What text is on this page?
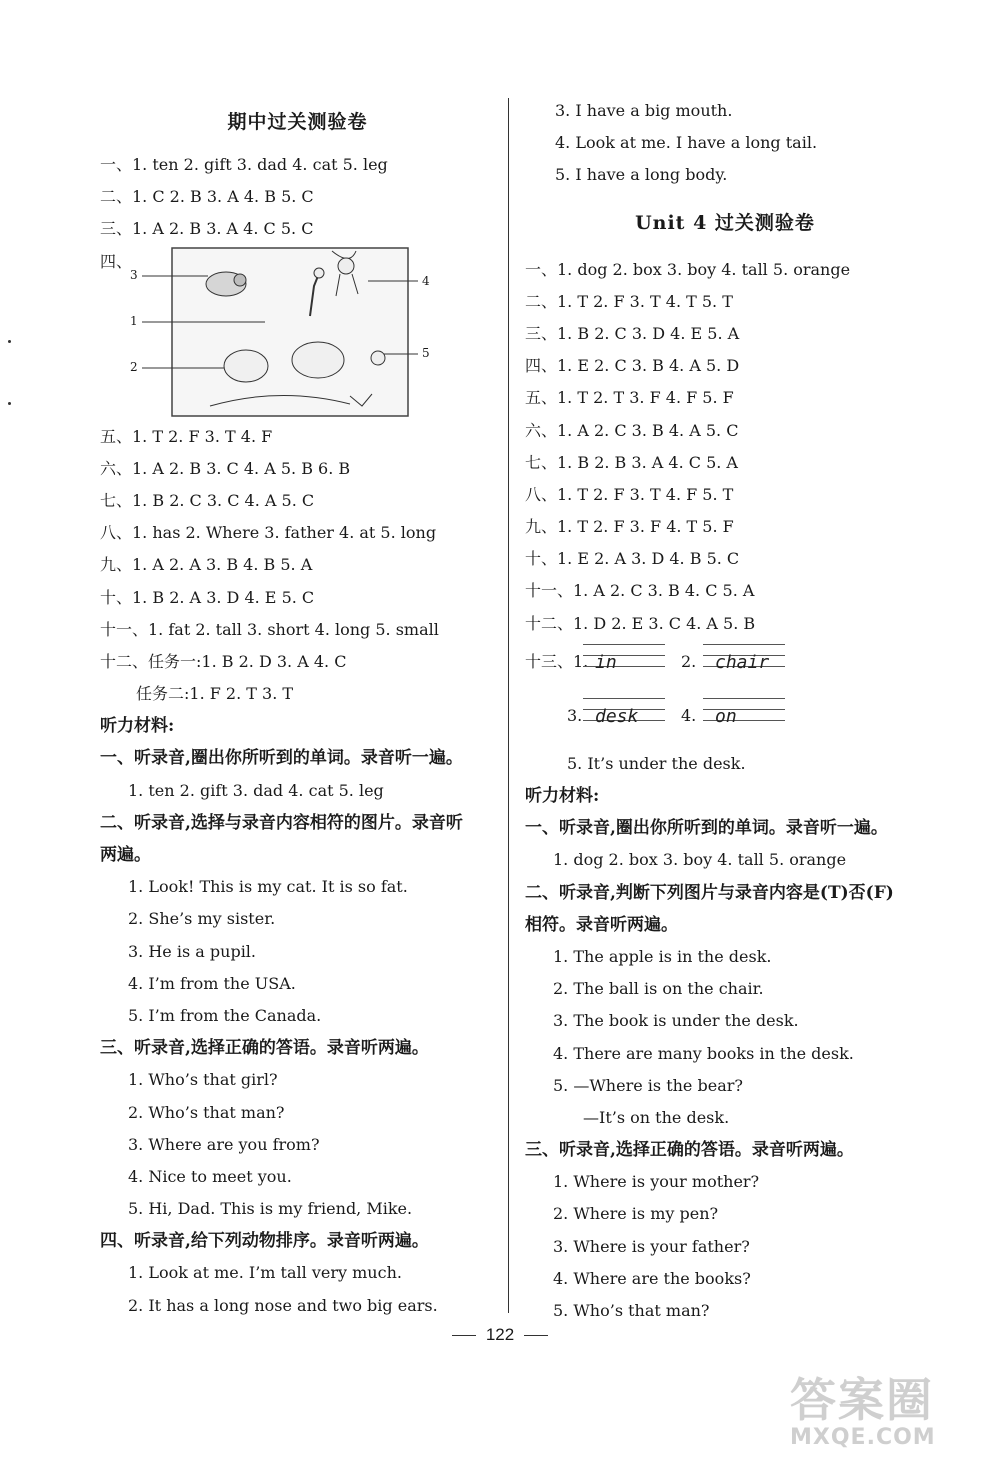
期中过关测验卷
一、1. ten 2. gift 3. dad 4. cat 5. leg
二、1. C 2. B 3. A 4. B 5. C
三、1. A 2. B 3. A 4. C 5. C
四、
3
1
2
4
5
五、1. T 2. F 3. T 4. F
六、1. A 2. B 3. C 4. A 5. B 6. B
七、1. B 2. C 3. C 4. A 5. C
八、1. has 2. Where 3. father 4. at 5. long
九、1. A 2. A 3. B 4. B 5. A
十、1. B 2. A 3. D 4. E 5. C
十一、1. fat 2. tall 3. short 4. long 5. small
十二、任务一:1. B 2. D 3. A 4. C
任务二:1. F 2. T 3. T
听力材料:
一、听录音,圈出你所听到的单词。录音听一遍。
1. ten 2. gift 3. dad 4. cat 5. leg
二、听录音,选择与录音内容相符的图片。录音听
两遍。
1. Look! This is my cat. It is so fat.
2. She’s my sister.
3. He is a pupil.
4. I’m from the USA.
5. I’m from the Canada.
三、听录音,选择正确的答语。录音听两遍。
1. Who’s that girl?
2. Who’s that man?
3. Where are you from?
4. Nice to meet you.
5. Hi, Dad. This is my friend, Mike.
四、听录音,给下列动物排序。录音听两遍。
1. Look at me. I’m tall very much.
2. It has a long nose and two big ears.
3. I have a big mouth.
4. Look at me. I have a long tail.
5. I have a long body.
Unit 4 过关测验卷
一、1. dog 2. box 3. boy 4. tall 5. orange
二、1. T 2. F 3. T 4. T 5. T
三、1. B 2. C 3. D 4. E 5. A
四、1. E 2. C 3. B 4. A 5. D
五、1. T 2. T 3. F 4. F 5. F
六、1. A 2. C 3. B 4. A 5. C
七、1. B 2. B 3. A 4. C 5. A
八、1. T 2. F 3. T 4. F 5. T
九、1. T 2. F 3. F 4. T 5. F
十、1. E 2. A 3. D 4. B 5. C
十一、1. A 2. C 3. B 4. C 5. A
十二、1. D 2. E 3. C 4. A 5. B
十三、1. in	2. chair
3. desk	4. on
5. It’s under the desk.
听力材料:
一、听录音,圈出你所听到的单词。录音听一遍。
1. dog 2. box 3. boy 4. tall 5. orange
二、听录音,判断下列图片与录音内容是(T)否(F)
相符。录音听两遍。
1. The apple is in the desk.
2. The ball is on the chair.
3. The book is under the desk.
4. There are many books in the desk.
5. —Where is the bear?
—It’s on the desk.
三、听录音,选择正确的答语。录音听两遍。
1. Where is your mother?
2. Where is my pen?
3. Where is your father?
4. Where are the books?
5. Who’s that man?
122
答案圈
MXQE.COM
